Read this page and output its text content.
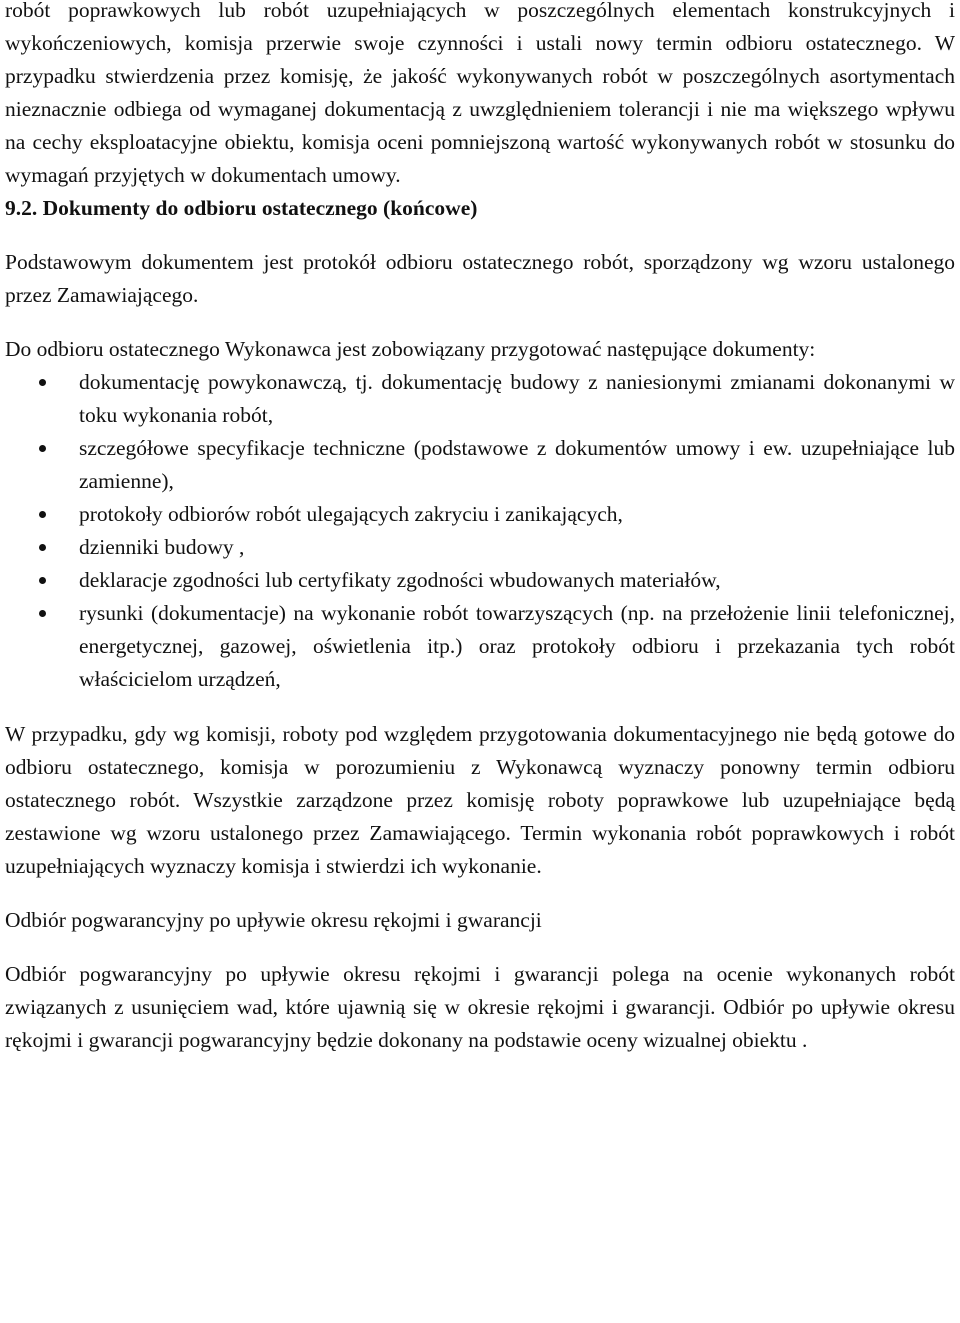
robót poprawkowych lub robót uzupełniających w poszczególnych elementach konstrukcyjnych i wykończeniowych, komisja przerwie swoje czynności i ustali nowy termin odbioru ostatecznego. W przypadku stwierdzenia przez komisję, że jakość wykonywanych robót w poszczególnych asortymentach nieznacznie odbiega od wymaganej dokumentacją z uwzględnieniem tolerancji i nie ma większego wpływu na cechy eksploatacyjne obiektu, komisja oceni pomniejszoną wartość wykonywanych robót w stosunku do wymagań przyjętych w dokumentach umowy.

9.2. Dokumenty do odbioru ostatecznego (końcowe)

Podstawowym dokumentem jest protokół odbioru ostatecznego robót, sporządzony wg wzoru ustalonego przez Zamawiającego.

Do odbioru ostatecznego Wykonawca jest zobowiązany przygotować następujące dokumenty:

dokumentację powykonawczą, tj. dokumentację budowy z naniesionymi zmianami dokonanymi w toku wykonania robót,
szczegółowe specyfikacje techniczne (podstawowe z dokumentów umowy i ew. uzupełniające lub zamienne),
protokoły odbiorów robót ulegających zakryciu i zanikających,
dzienniki budowy ,
deklaracje zgodności lub certyfikaty zgodności wbudowanych materiałów,
rysunki (dokumentacje) na wykonanie robót towarzyszących (np. na przełożenie linii telefonicznej, energetycznej, gazowej, oświetlenia itp.) oraz protokoły odbioru i przekazania tych robót właścicielom urządzeń,

W przypadku, gdy wg komisji, roboty pod względem przygotowania dokumentacyjnego nie będą gotowe do odbioru ostatecznego, komisja w porozumieniu z Wykonawcą wyznaczy ponowny termin odbioru ostatecznego robót. Wszystkie zarządzone przez komisję roboty poprawkowe lub uzupełniające będą zestawione wg wzoru ustalonego przez Zamawiającego. Termin wykonania robót poprawkowych i robót uzupełniających wyznaczy komisja i stwierdzi ich wykonanie.

Odbiór pogwarancyjny po upływie okresu rękojmi i gwarancji

Odbiór pogwarancyjny po upływie okresu rękojmi i gwarancji polega na ocenie wykonanych robót związanych z usunięciem wad, które ujawnią się w okresie rękojmi i gwarancji. Odbiór po upływie okresu rękojmi i gwarancji pogwarancyjny będzie dokonany na podstawie oceny wizualnej obiektu .
